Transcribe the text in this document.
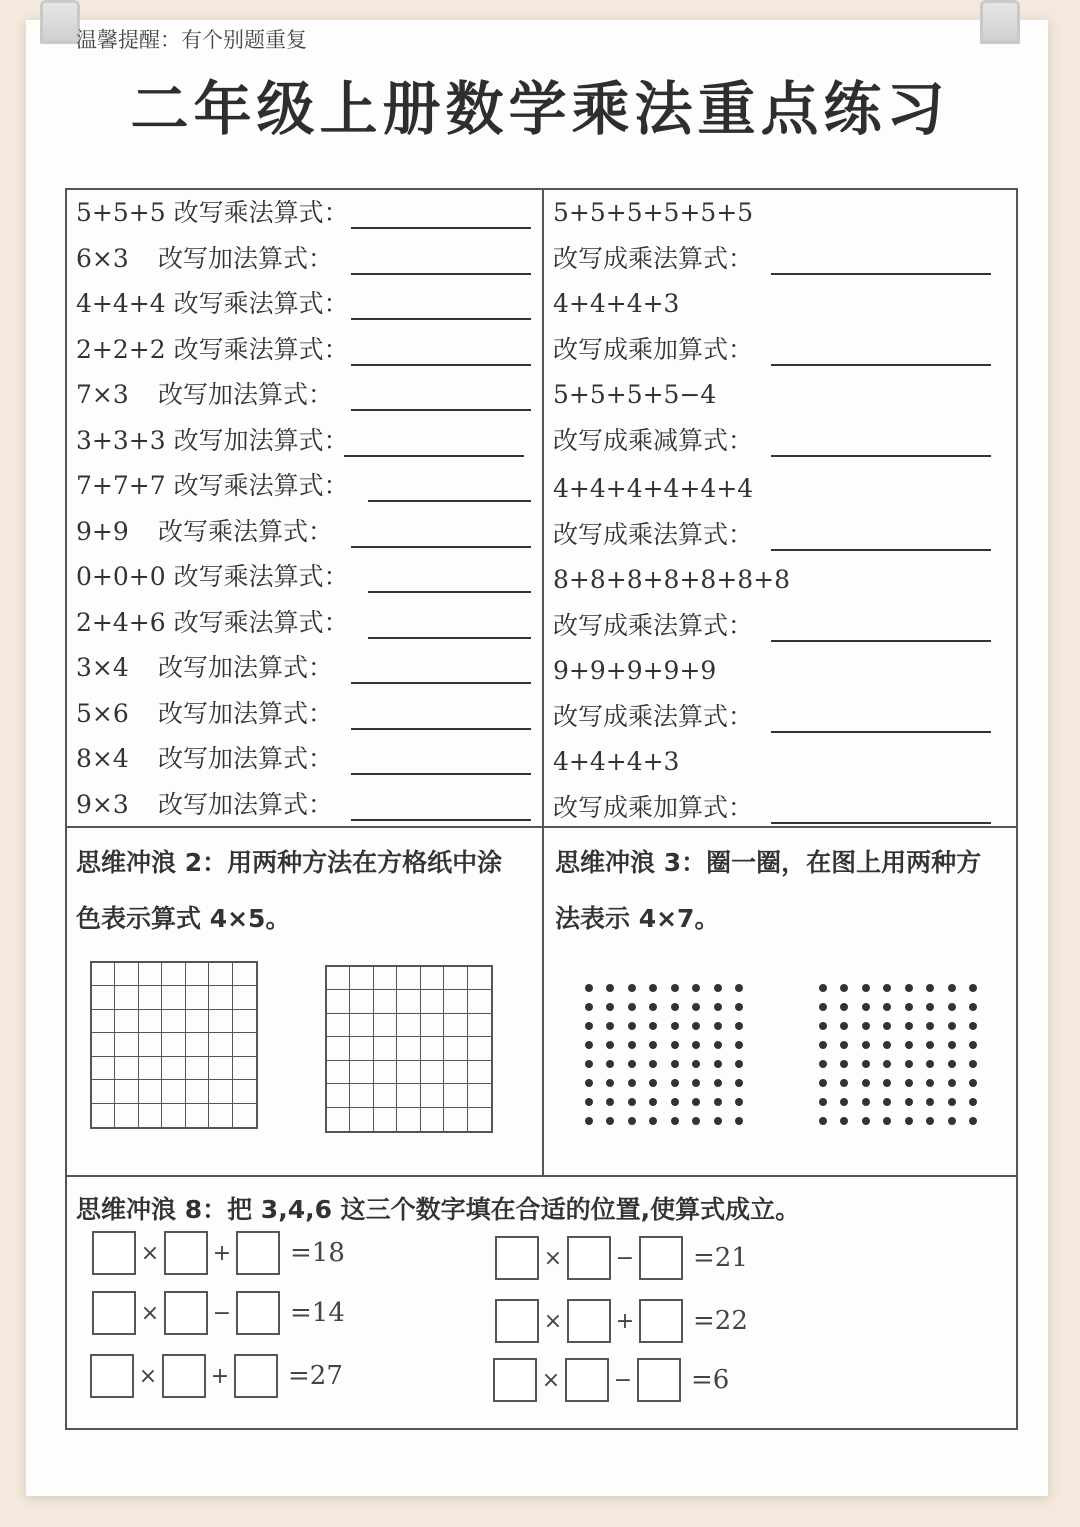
温馨提醒：有个别题重复
二年级上册数学乘法重点练习
5+5+5 改写乘法算式：
6×3 改写加法算式：
4+4+4 改写乘法算式：
2+2+2 改写乘法算式：
7×3 改写加法算式：
3+3+3 改写加法算式：
7+7+7 改写乘法算式：
9+9 改写乘法算式：
0+0+0 改写乘法算式：
2+4+6 改写乘法算式：
3×4 改写加法算式：
5×6 改写加法算式：
8×4 改写加法算式：
9×3 改写加法算式：
5+5+5+5+5+5
改写成乘法算式：
4+4+4+3
改写成乘加算式：
5+5+5+5−4
改写成乘减算式：
4+4+4+4+4+4
改写成乘法算式：
8+8+8+8+8+8+8
改写成乘法算式：
9+9+9+9+9
改写成乘法算式：
4+4+4+3
改写成乘加算式：
思维冲浪 2：用两种方法在方格纸中涂
色表示算式 4×5。
思维冲浪 3：圈一圈，在图上用两种方
法表示 4×7。
思维冲浪 8：把 3,4,6 这三个数字填在合适的位置,使算式成立。
× + =18	× − =21
× − =14	× + =22
× + =27	× − =6
